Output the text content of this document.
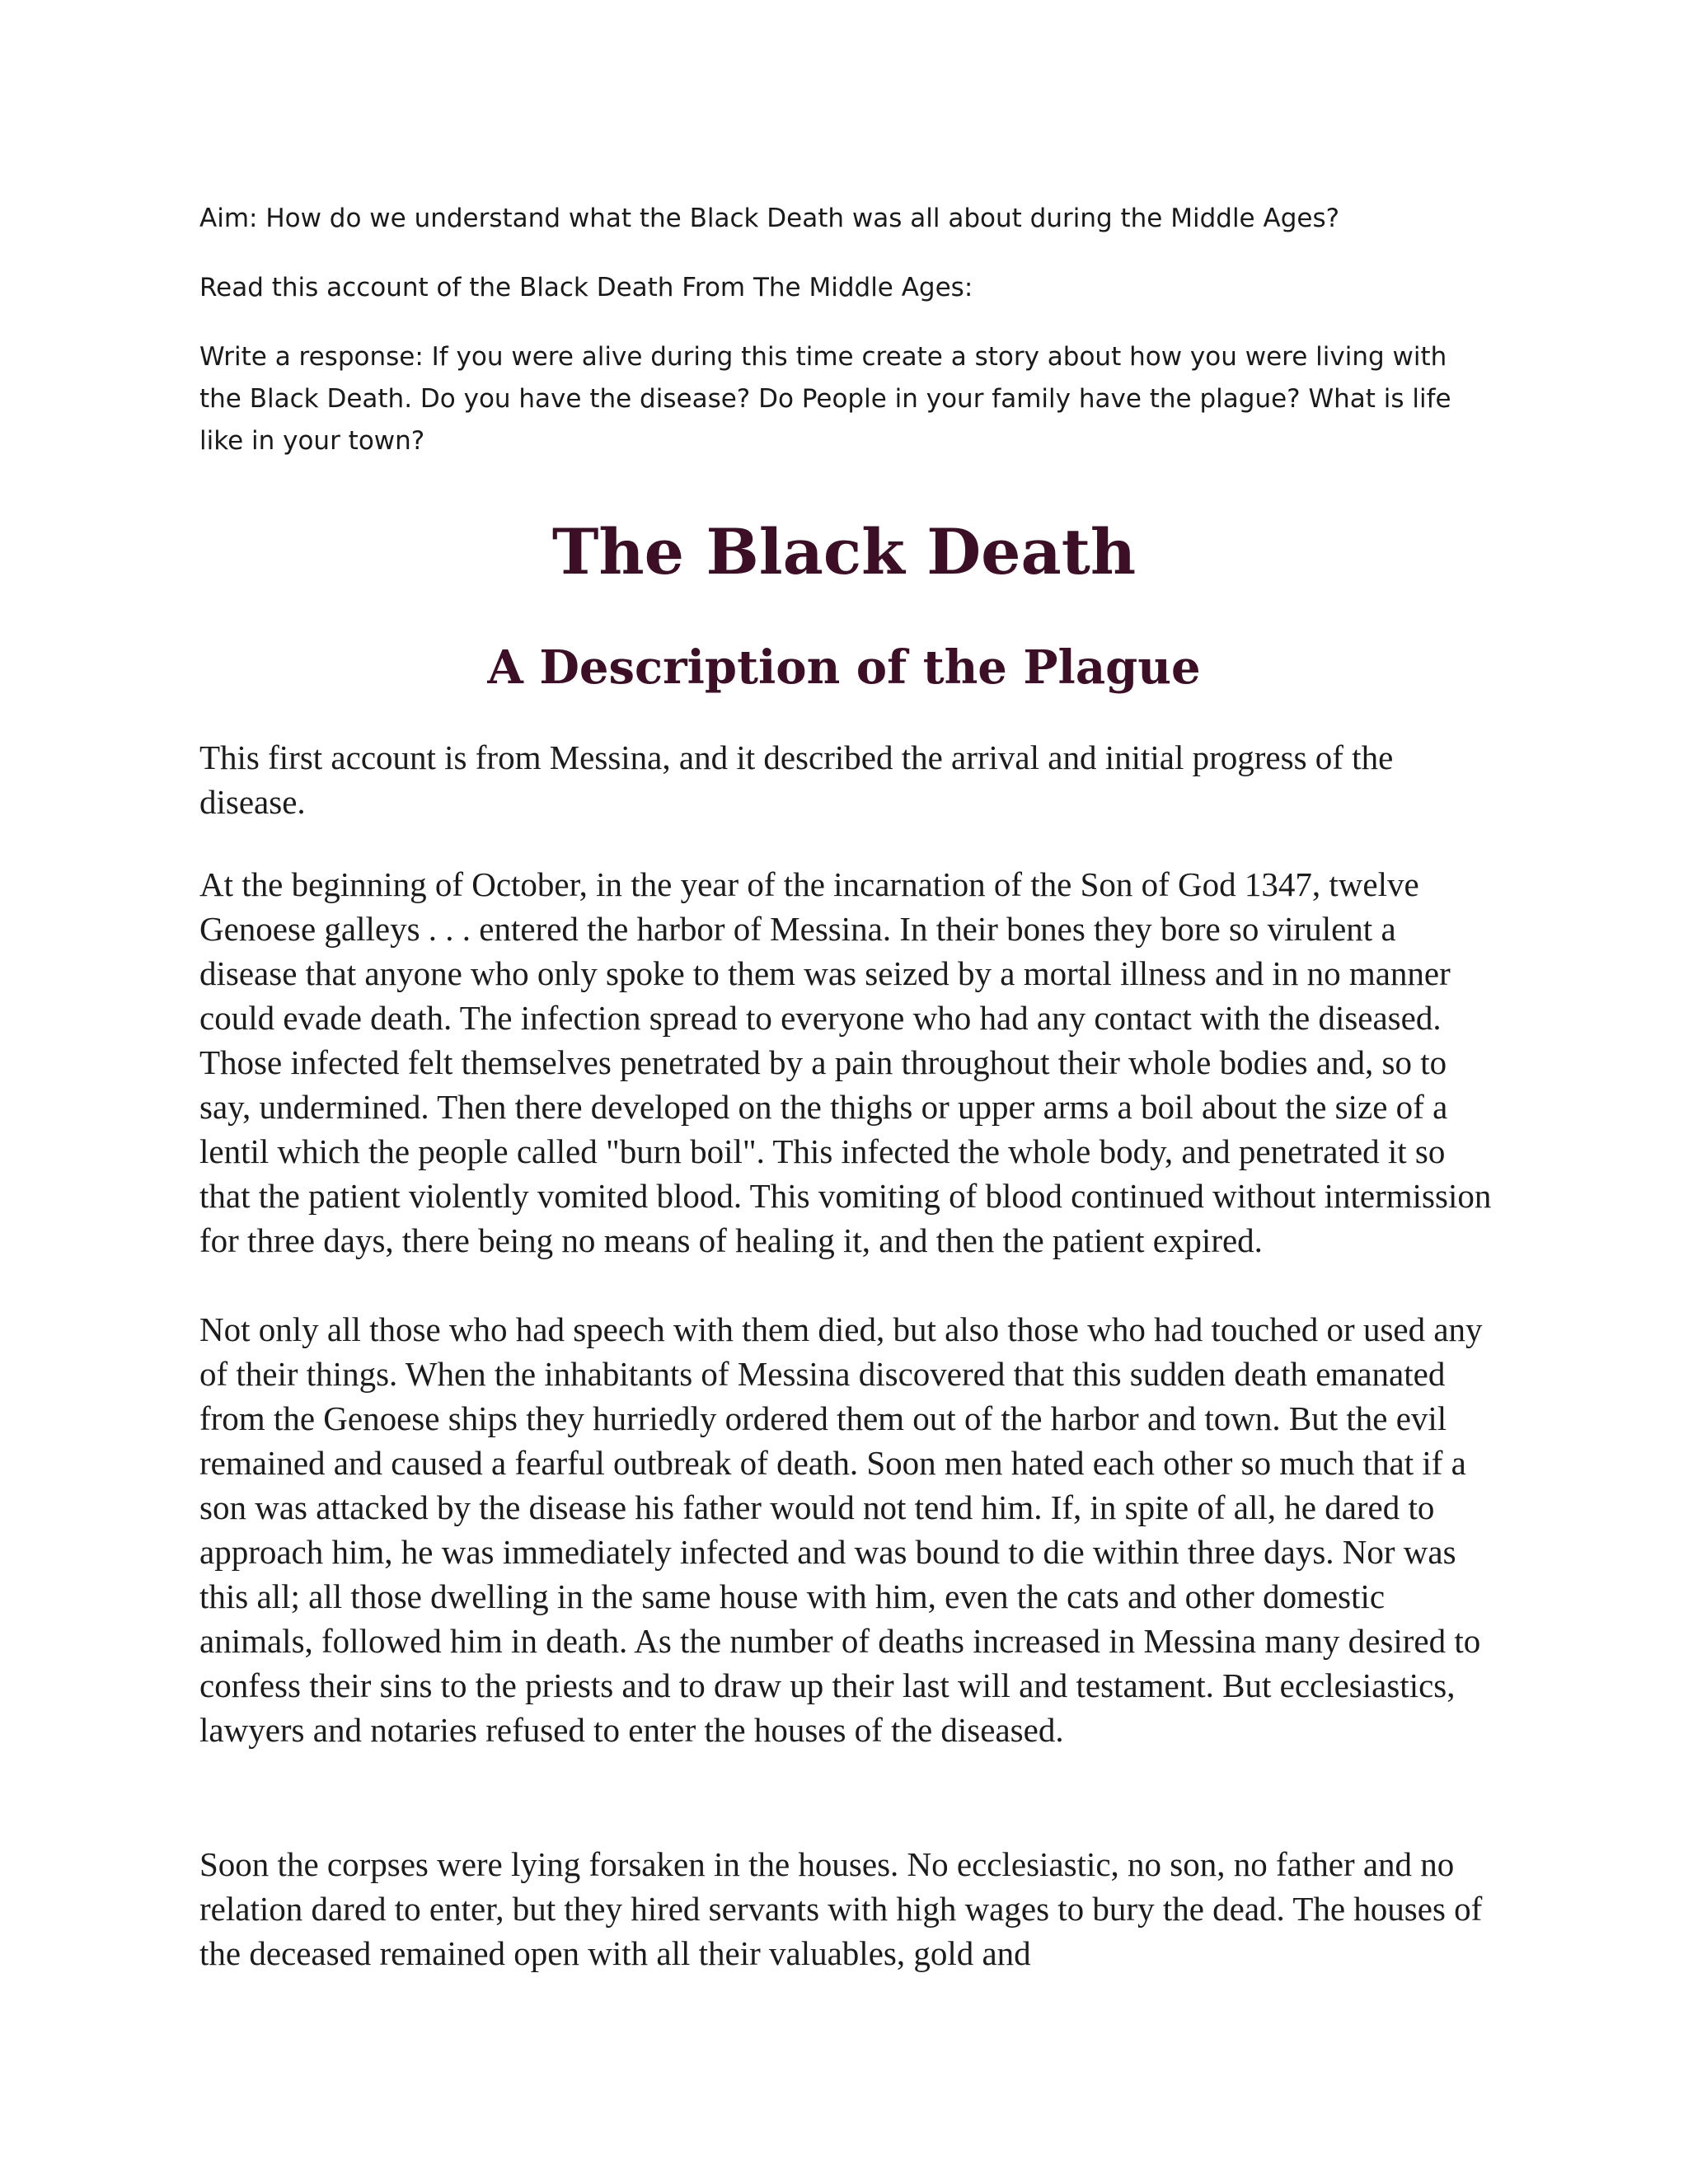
Aim: How do we understand what the Black Death was all about during the Middle Ages?

Read this account of the Black Death From The Middle Ages:

Write a response: If you were alive during this time create a story about how you were living with the Black Death. Do you have the disease? Do People in your family have the plague? What is life like in your town?

The Black Death
A Description of the Plague

This first account is from Messina, and it described the arrival and initial progress of the disease.

At the beginning of October, in the year of the incarnation of the Son of God 1347, twelve Genoese galleys . . . entered the harbor of Messina. In their bones they bore so virulent a disease that anyone who only spoke to them was seized by a mortal illness and in no manner could evade death. The infection spread to everyone who had any contact with the diseased. Those infected felt themselves penetrated by a pain throughout their whole bodies and, so to say, undermined. Then there developed on the thighs or upper arms a boil about the size of a lentil which the people called "burn boil". This infected the whole body, and penetrated it so that the patient violently vomited blood. This vomiting of blood continued without intermission for three days, there being no means of healing it, and then the patient expired.

Not only all those who had speech with them died, but also those who had touched or used any of their things. When the inhabitants of Messina discovered that this sudden death emanated from the Genoese ships they hurriedly ordered them out of the harbor and town. But the evil remained and caused a fearful outbreak of death. Soon men hated each other so much that if a son was attacked by the disease his father would not tend him. If, in spite of all, he dared to approach him, he was immediately infected and was bound to die within three days. Nor was this all; all those dwelling in the same house with him, even the cats and other domestic animals, followed him in death. As the number of deaths increased in Messina many desired to confess their sins to the priests and to draw up their last will and testament. But ecclesiastics, lawyers and notaries refused to enter the houses of the diseased.

Soon the corpses were lying forsaken in the houses. No ecclesiastic, no son, no father and no relation dared to enter, but they hired servants with high wages to bury the dead. The houses of the deceased remained open with all their valuables, gold and
